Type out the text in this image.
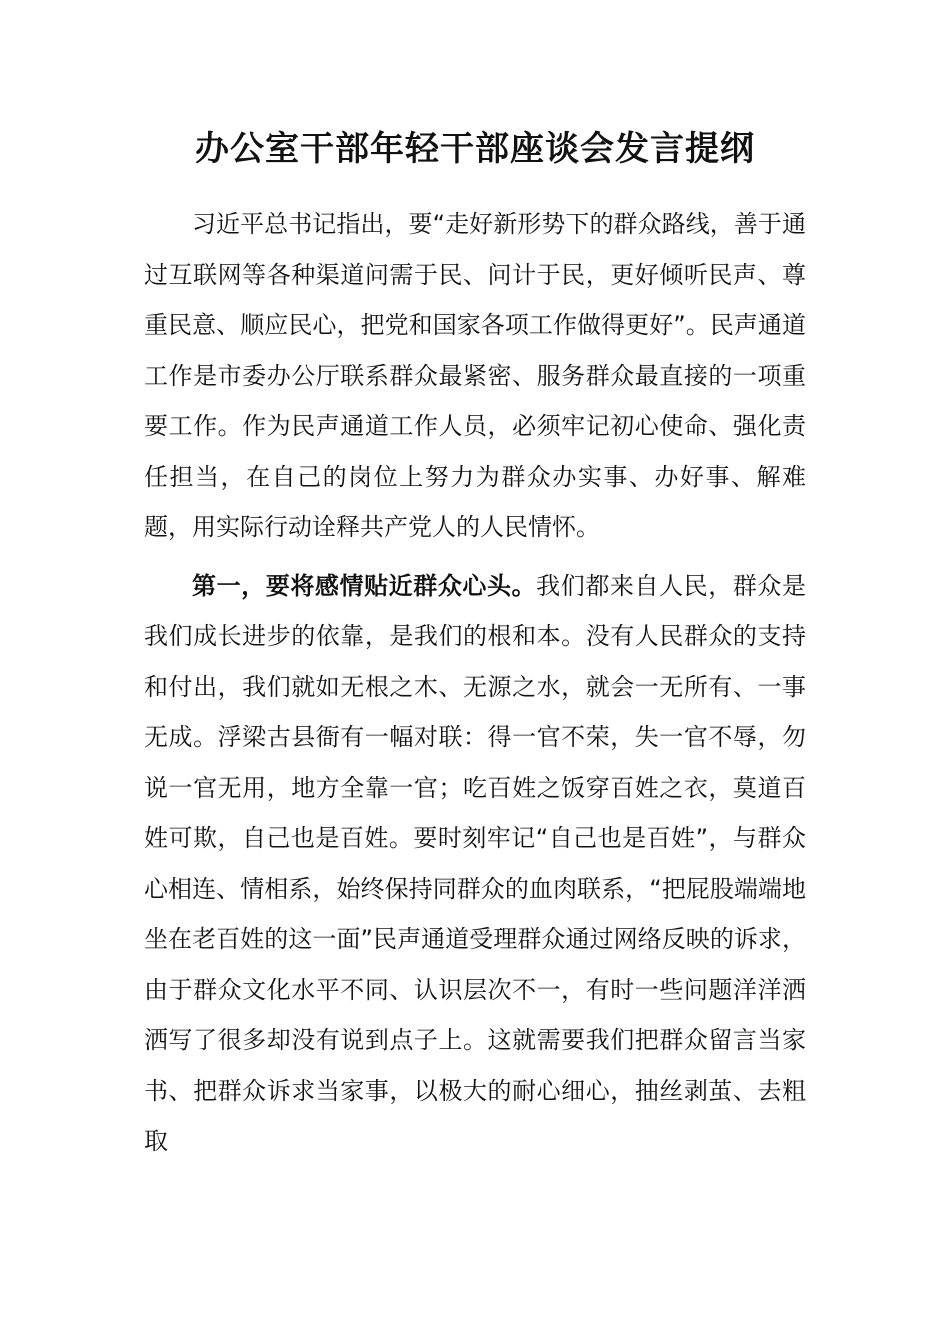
办公室干部年轻干部座谈会发言提纲

习近平总书记指出，要“走好新形势下的群众路线，善于通过互联网等各种渠道问需于民、问计于民，更好倾听民声、尊重民意、顺应民心，把党和国家各项工作做得更好”。民声通道工作是市委办公厅联系群众最紧密、服务群众最直接的一项重要工作。作为民声通道工作人员，必须牢记初心使命、强化责任担当，在自己的岗位上努力为群众办实事、办好事、解难题，用实际行动诠释共产党人的人民情怀。

第一，要将感情贴近群众心头。我们都来自人民，群众是我们成长进步的依靠，是我们的根和本。没有人民群众的支持和付出，我们就如无根之木、无源之水，就会一无所有、一事无成。浮梁古县衙有一幅对联：得一官不荣，失一官不辱，勿说一官无用，地方全靠一官；吃百姓之饭穿百姓之衣，莫道百姓可欺，自己也是百姓。要时刻牢记“自己也是百姓”，与群众心相连、情相系，始终保持同群众的血肉联系，“把屁股端端地坐在老百姓的这一面”民声通道受理群众通过网络反映的诉求，由于群众文化水平不同、认识层次不一，有时一些问题洋洋洒洒写了很多却没有说到点子上。这就需要我们把群众留言当家书、把群众诉求当家事，以极大的耐心细心，抽丝剥茧、去粗取
